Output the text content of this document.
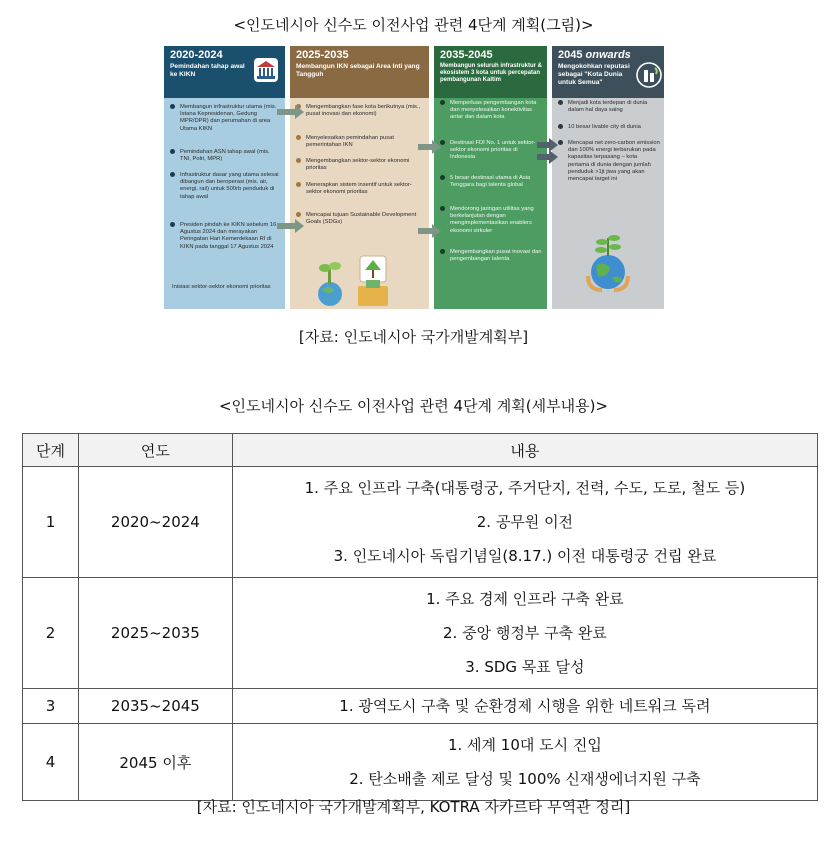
<인도네시아 신수도 이전사업 관련 4단계 계획(그림)>
2020-2024
Pemindahan tahap awal ke KIKN
Membangun infrastruktur utama (mis. Istana Kepresidenan, Gedung MPR/DPR) dan perumahan di area Utama KIKN
Pemindahan ASN tahap awal (mis. TNI, Polri, MPR)
Infrastruktur dasar yang utama selesai dibangun dan beroperasi (mis. air, energi, rail) untuk 500rb penduduk di tahap awal
Presiden pindah ke KIKN sebelum 16 Agustus 2024 dan merayakan Peringatan Hari Kemerdekaan RI di KIKN pada tanggal 17 Agustus 2024
Inisiasi sektor-sektor ekonomi prioritas
2025-2035
Membangun IKN sebagai Area Inti yang Tangguh
Mengembangkan fase kota berikutnya (mis., pusat inovasi dan ekonomi)
Menyelesaikan pemindahan pusat pemerintahan IKN
Mengembangkan sektor-sektor ekonomi prioritas
Menerapkan sistem insentif untuk sektor-sektor ekonomi prioritas
Mencapai tujuan Sustainable Development Goals (SDGs)
2035-2045
Membangun seluruh infrastruktur & ekosistem 3 kota untuk percepatan pembangunan Kaltim
Memperluas pengembangan kota dan menyelesaikan konektivitas antar dan dalam kota
Destinasi FDI No. 1 untuk sektor-sektor ekonomi prioritas di Indonesia
5 besar destinasi utama di Asia Tenggara bagi talenta global
Mendorong jaringan utilitas yang berkelanjutan dengan mengimplementasikan enablers ekonomi sirkuler
Mengembangkan pusat inovasi dan pengembangan talenta
2045 onwards
Mengokohkan reputasi sebagai "Kota Dunia untuk Semua"
Menjadi kota terdepan di dunia dalam hal daya saing
10 besar livable city di dunia
Mencapai net zero-carbon emission dan 100% energi terbarukan pada kapasitas terpasang – kota pertama di dunia dengan jumlah penduduk >1jt jiwa yang akan mencapai target ini
[자료: 인도네시아 국가개발계획부]
<인도네시아 신수도 이전사업 관련 4단계 계획(세부내용)>
단계	연도	내용
1	2020~2024	1. 주요 인프라 구축(대통령궁, 주거단지, 전력, 수도, 도로, 철도 등)
2. 공무원 이전
3. 인도네시아 독립기념일(8.17.) 이전 대통령궁 건립 완료

2	2025~2035	1. 주요 경제 인프라 구축 완료
2. 중앙 행정부 구축 완료
3. SDG 목표 달성

3	2035~2045	1. 광역도시 구축 및 순환경제 시행을 위한 네트워크 독려

4	2045 이후	1. 세계 10대 도시 진입
2. 탄소배출 제로 달성 및 100% 신재생에너지원 구축
[자료: 인도네시아 국가개발계획부, KOTRA 자카르타 무역관 정리]
